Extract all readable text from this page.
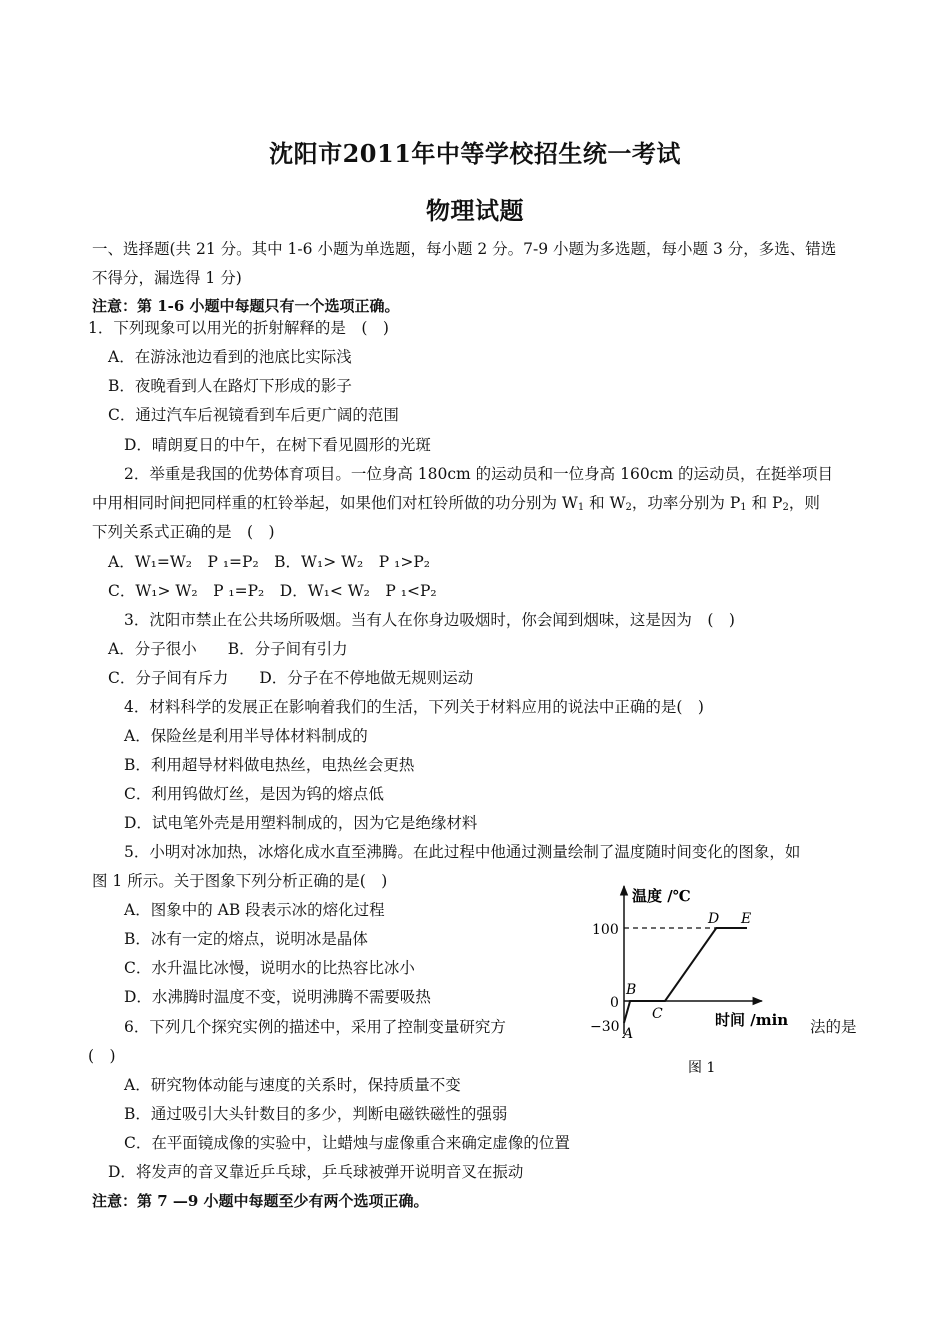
沈阳市2011年中等学校招生统一考试
物理试题
一、选择题(共 21 分。其中 1-6 小题为单选题，每小题 2 分。7-9 小题为多选题，每小题 3 分，多选、错选
不得分，漏选得 1 分)
注意：第 1-6 小题中每题只有一个选项正确。
1．下列现象可以用光的折射解释的是　(　)
A．在游泳池边看到的池底比实际浅
B．夜晚看到人在路灯下形成的影子
C．通过汽车后视镜看到车后更广阔的范围
D．晴朗夏日的中午，在树下看见圆形的光斑
2．举重是我国的优势体育项目。一位身高 180cm 的运动员和一位身高 160cm 的运动员，在挺举项目
中用相同时间把同样重的杠铃举起，如果他们对杠铃所做的功分别为 $W_1$ 和 $W_2$，功率分别为 $P_1$ 和 $P_2$，则
下列关系式正确的是　(　)
A．W₁=W₂　P ₁=P₂　B．W₁> W₂　P ₁>P₂
C．W₁> W₂　P ₁=P₂　D．W₁< W₂　P ₁<P₂
3．沈阳市禁止在公共场所吸烟。当有人在你身边吸烟时，你会闻到烟味，这是因为　(　)
A．分子很小　　B．分子间有引力
C．分子间有斥力　　D．分子在不停地做无规则运动
4．材料科学的发展正在影响着我们的生活，下列关于材料应用的说法中正确的是(　)
A．保险丝是利用半导体材料制成的
B．利用超导材料做电热丝，电热丝会更热
C．利用钨做灯丝，是因为钨的熔点低
D．试电笔外壳是用塑料制成的，因为它是绝缘材料
5．小明对冰加热，冰熔化成水直至沸腾。在此过程中他通过测量绘制了温度随时间变化的图象，如
图 1 所示。关于图象下列分析正确的是(　)
A．图象中的 AB 段表示冰的熔化过程
B．冰有一定的熔点，说明冰是晶体
C．水升温比冰慢，说明水的比热容比冰小
D．水沸腾时温度不变，说明沸腾不需要吸热
6．下列几个探究实例的描述中，采用了控制变量研究方	法的是
(　)
A．研究物体动能与速度的关系时，保持质量不变
B．通过吸引大头针数目的多少，判断电磁铁磁性的强弱
C．在平面镜成像的实验中，让蜡烛与虚像重合来确定虚像的位置
D．将发声的音叉靠近乒乓球，乒乓球被弹开说明音叉在振动
注意：第 7 —9 小题中每题至少有两个选项正确。
温度 /℃
时间 /min
100
0
−30 A
B
C
D E
图 1
